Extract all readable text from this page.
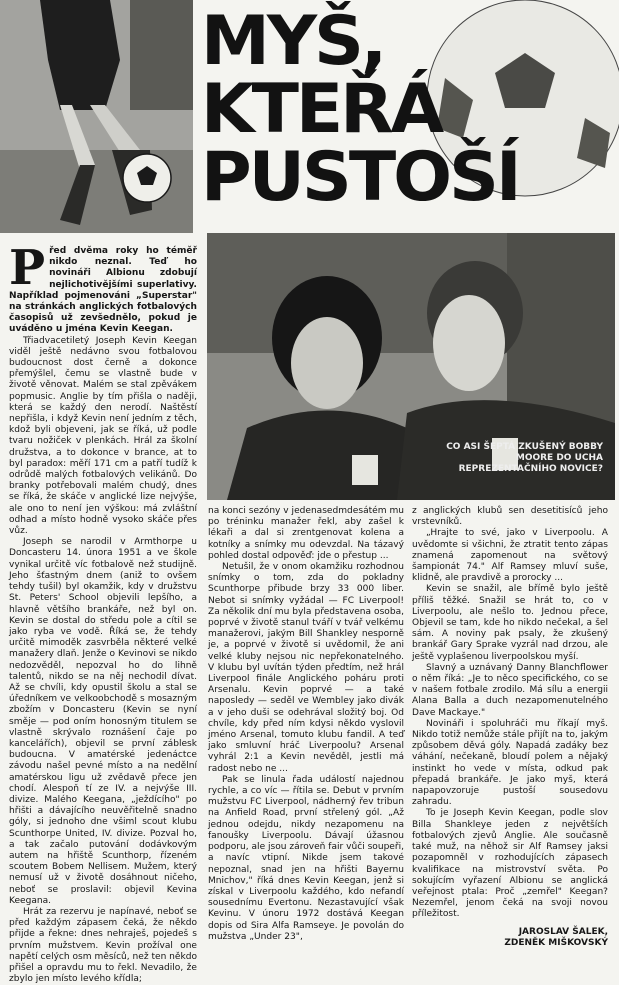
MYŠ,
KTEŘÁ
PUSTOŠÍ
CO ASI ŠEPTÁ ZKUŠENÝ BOBBY MOORE DO UCHA REPREZENTAČNÍHO NOVICE?

Před dvěma roky ho téměř nikdo neznal. Teď ho novináři Albionu zdobují nejlichotivějšími superlativy. Například pojmenováni „Superstar" na stránkách anglických fotbalových časopisů už zevšednělo, pokud je uváděno u jména Kevin Keegan.

Třiadvacetiletý Joseph Kevin Keegan viděl ještě nedávno svou fotbalovou budoucnost dost černě a dokonce přemýšlel, čemu se vlastně bude v životě věnovat. Malém se stal zpěvákem popmusic. Anglie by tím přišla o naději, která se každý den nerodí. Naštěstí nepřišla, i když Kevin není jedním z těch, kdož byli objeveni, jak se říká, už podle tvaru nožiček v plenkách. Hrál za školní družstva, a to dokonce v brance, at to byl paradox: měří 171 cm a patří tudíž k odrůdě malých fotbalových velikánů. Do branky potřebovali malém chudý, dnes se říká, že skáče v anglické lize nejvýše, ale ono to není jen výškou: má zvláštní odhad a místo hodně vysoko skáče přes vůz.

Joseph se narodil v Armthorpe u Doncasteru 14. února 1951 a ve škole vynikal určitě víc fotbalově než studijně. Jeho šťastným dnem (aniž to ovšem tehdy tušil) byl okamžik, kdy v družstvu St. Peters' School objevili lepšího, a hlavně většího brankáře, než byl on. Kevin se dostal do středu pole a cítil se jako ryba ve vodě. Říká se, že tehdy určitě mimoděk zasvrběla některé velké manažery dlaň. Jenže o Kevinovi se nikdo nedozvěděl, nepozval ho do lihně talentů, nikdo se na něj nechodil dívat. Až se chvíli, kdy opustil školu a stal se úředníkem ve velkoobchodě s mosazným zbožím v Doncasteru (Kevin se nyní směje — pod oním honosným titulem se vlastně skrývalo roznášení čaje po kancelářích), objevil se první záblesk budoucna. V amatérské jedenáctce závodu našel pevné místo a na nedělní amatérskou ligu už zvědavě přece jen chodí. Alespoň tí ze IV. a nejvýše III. divize. Malého Keegana, „ježdícího" po hřišti a dávajícího neuvěřitelně snadno góly, si jednoho dne všiml scout klubu Scunthorpe United, IV. divize. Pozval ho, a tak začalo putování dodávkovým autem na hřiště Scunthorp, řízeném scoutem Bobem Nellisem. Mužem, který nemusí už v životě dosáhnout ničeho, neboť se proslavil: objevil Kevina Keegana.

Hrát za rezervu je napínavé, neboť se před každým zápasem čeká, že někdo přijde a řekne: dnes nehraješ, pojedeš s prvním mužstvem. Kevin prožíval one napětí celých osm měsíců, než ten někdo přišel a opravdu mu to řekl. Nevadilo, že zbylo jen místo levého křídla;

na konci sezóny v jedenasedmdesátém mu po tréninku manažer řekl, aby zašel k lékaři a dal si zrentgenovat kolena a kotníky a snímky mu odevzdal. Na tázavý pohled dostal odpověď: jde o přestup ...

Netušil, že v onom okamžiku rozhodnou snímky o tom, zda do pokladny Scunthorpe přibude brzy 33 000 liber. Nebot si snímky vyžádal — FC Liverpool! Za několik dní mu byla představena osoba, poprvé v životě stanul tváří v tvář velkému manažerovi, jakým Bill Shankley nesporně je, a poprvé v životě si uvědomil, že ani velké kluby nejsou nic nepřekonatelného. V klubu byl uvítán týden předtím, než hrál Liverpool finále Anglického poháru proti Arsenalu. Kevin poprvé — a také naposledy — seděl ve Wembley jako divák a v jeho duši se odehrával složitý boj. Od chvíle, kdy před ním kdysi někdo vyslovil jméno Arsenal, tomuto klubu fandil. A teď jako smluvní hráč Liverpoolu? Arsenal vyhrál 2:1 a Kevin nevěděl, jestli má radost nebo ne ...

Pak se linula řada událostí najednou rychle, a co víc — řítila se. Debut v prvním mužstvu FC Liverpool, nádherný řev tribun na Anfield Road, první střelený gól. „Až jednou odejdu, nikdy nezapomenu na fanoušky Liverpoolu. Dávají úžasnou podporu, ale jsou zároveň fair vůči soupeři, a navíc vtipní. Nikde jsem takové nepoznal, snad jen na hřišti Bayernu Mnichov," říká dnes Kevin Keegan, jenž si získal v Liverpoolu každého, kdo nefandí sousednímu Evertonu. Nezastavující však Kevinu. V únoru 1972 dostává Keegan dopis od Sira Alfa Ramseye. Je povolán do mužstva „Under 23",

z anglických klubů sen desetitisíců jeho vrstevníků.

„Hrajte to své, jako v Liverpoolu. A uvědomte si všichni, že ztratit tento zápas znamená zapomenout na světový šampionát 74." Alf Ramsey mluví suše, klidně, ale pravdivě a prorocky ...

Kevin se snažil, ale břímě bylo ještě příliš těžké. Snažil se hrát to, co v Liverpoolu, ale nešlo to. Jednou přece, Objevil se tam, kde ho nikdo nečekal, a šel sám. A noviny pak psaly, že zkušený brankář Gary Sprake vyzrál nad drzou, ale ještě vyplašenou liverpoolskou myší.

Slavný a uznávaný Danny Blanchflower o něm říká: „Je to něco specifického, co se v našem fotbale zrodilo. Má sílu a energii Alana Balla a duch nezapomenutelného Dave Mackaye."

Novináři i spoluhráči mu říkají myš. Nikdo totiž nemůže stále přijít na to, jakým způsobem děvá góly. Napadá zadáky bez váhání, nečekaně, bloudí polem a nějaký instinkt ho vede v místa, odkud pak přepadá brankáře. Je jako myš, která napapovzoruje pustoší sousedovu zahradu.

To je Joseph Kevin Keegan, podle slov Billa Shankleye jeden z největších fotbalových zjevů Anglie. Ale současně také muž, na něhož sir Alf Ramsey jaksi pozapomněl v rozhodujících zápasech kvalifikace na mistrovství světa. Po sokujícím vyřazení Albionu se anglická veřejnost ptala: Proč „zemřel" Keegan? Nezemřel, jenom čeká na svoji novou příležitost.

JAROSLAV ŠALEK,
ZDENĚK MIŠKOVSKÝ
